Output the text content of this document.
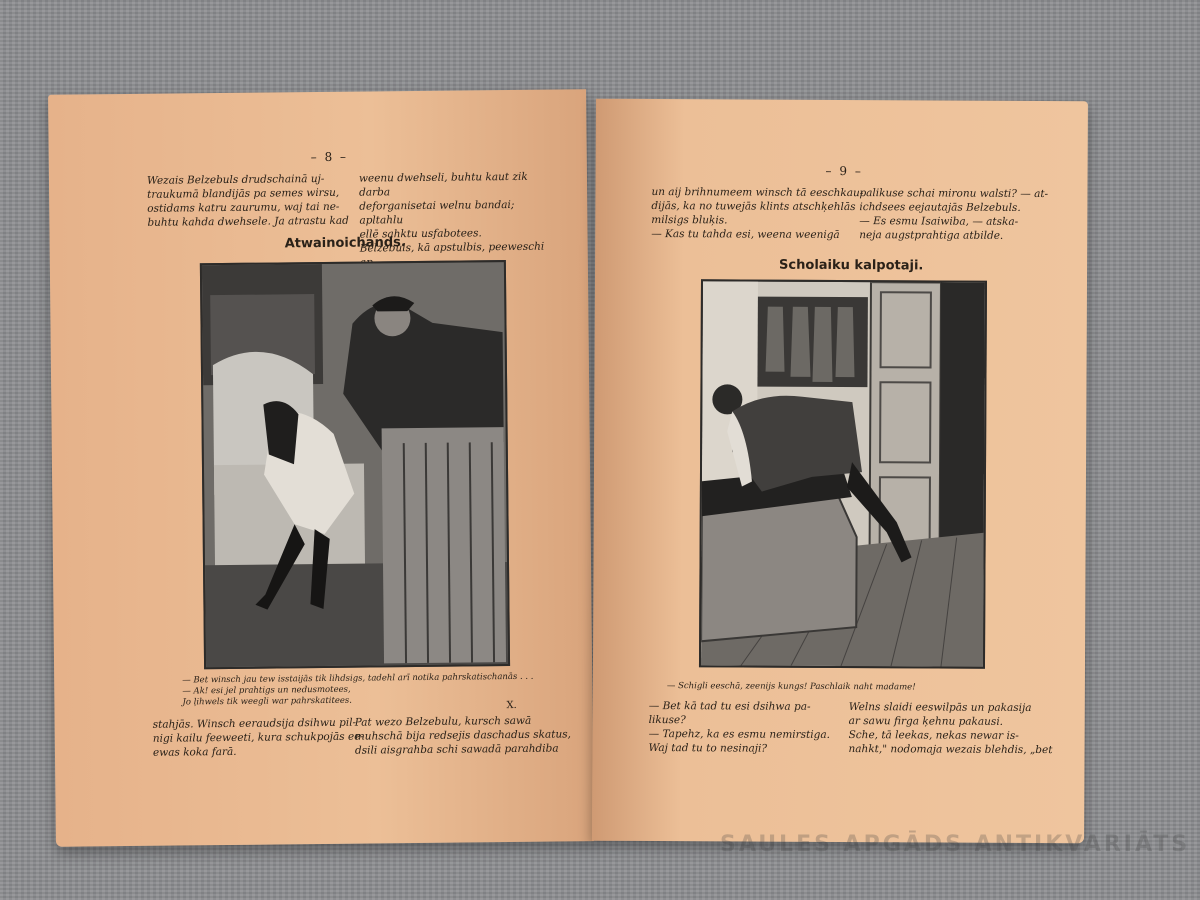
– 8 –
Wezais Belzebuls drudschainā uj-
traukumā blandijās pa semes wirsu,
ostidams katru zaurumu, waj tai ne-
buhtu kahda dwehsele. Ja atrastu kad
weenu dwehseli, buhtu kaut zik darba
deforganisetai welnu bandai; apltahlu
ellē sahktu usfabotees.
Belzebuls, kā apstulbis, peeweschi
Atwainoichands.
— Bet winsch jau tew isstaijās tik lihdsigs, tadehl arī notika pahrskatischanās . . .
— Ak! esi jel prahtigs un nedusmotees,
Jo ļihwels tik weegli war pahrskatitees.	X.
stahjās. Winsch eeraudsija dsihwu pil-
nigi kailu feeweeti, kura schukpojās ee-
ewas koka farā.
Pat wezo Belzebulu, kursch sawā
muhschā bija redsejis daschadus skatus,
dsili aisgrahba schi sawadā parahdiba
– 9 –
un aij brihnumeem winsch tā eeschkau-
dijās, ka no tuwejās klints atschķehlās
milsigs bluķis.
— Kas tu tahda esi, weena weenigā
palikuse schai mironu walsti? — at-
ichdsees eejautajās Belzebuls.
— Es esmu Isaiwiba, — atska-
neja augstprahtiga atbilde.
Scholaiku kalpotaji.
— Schigli eeschā, zeenijs kungs! Paschlaik naht madame!
— Bet kā tad tu esi dsihwa pa-
likuse?
— Tapehz, ka es esmu nemirstiga.
Waj tad tu to nesinaji?
Welns slaidi eeswilpās un pakasija
ar sawu firga ķehnu pakausi.
Sche, tā leekas, nekas newar is-
nahkt," nodomaja wezais blehdis, „bet
SAULES APGĀDS ANTIKVARIĀTS
